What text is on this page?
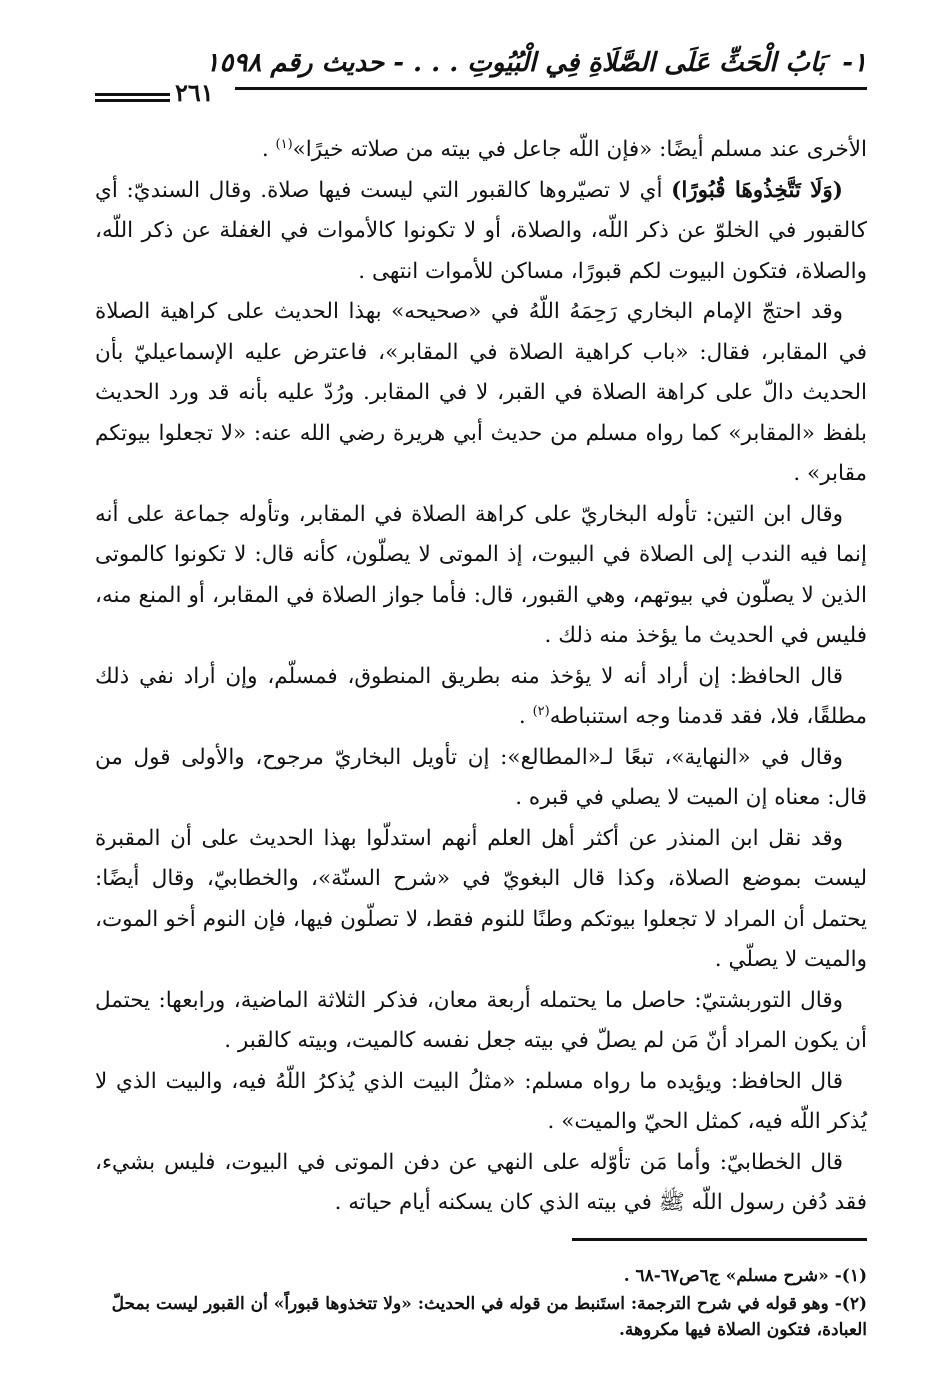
١- بَابُ الْحَثِّ عَلَى الصَّلَاةِ فِي الْبُيُوتِ . . . - حديث رقم ١٥٩٨
٢٦١

الأخرى عند مسلم أيضًا: «فإن اللّه جاعل في بيته من صلاته خيرًا»$^{(١)}$ .

(وَلَا تَتَّخِذُوهَا قُبُورًا) أي لا تصيّروها كالقبور التي ليست فيها صلاة. وقال السنديّ: أي كالقبور في الخلوّ عن ذكر اللّه، والصلاة، أو لا تكونوا كالأموات في الغفلة عن ذكر اللّه، والصلاة، فتكون البيوت لكم قبورًا، مساكن للأموات انتهى .

وقد احتجّ الإمام البخاري رَحِمَهُ اللّهُ في «صحيحه» بهذا الحديث على كراهية الصلاة في المقابر، فقال: «باب كراهية الصلاة في المقابر»، فاعترض عليه الإسماعيليّ بأن الحديث دالّ على كراهة الصلاة في القبر، لا في المقابر. ورُدّ عليه بأنه قد ورد الحديث بلفظ «المقابر» كما رواه مسلم من حديث أبي هريرة رضي الله عنه: «لا تجعلوا بيوتكم مقابر» .

وقال ابن التين: تأوله البخاريّ على كراهة الصلاة في المقابر، وتأوله جماعة على أنه إنما فيه الندب إلى الصلاة في البيوت، إذ الموتى لا يصلّون، كأنه قال: لا تكونوا كالموتى الذين لا يصلّون في بيوتهم، وهي القبور، قال: فأما جواز الصلاة في المقابر، أو المنع منه، فليس في الحديث ما يؤخذ منه ذلك .

قال الحافظ: إن أراد أنه لا يؤخذ منه بطريق المنطوق، فمسلّم، وإن أراد نفي ذلك مطلقًا، فلا، فقد قدمنا وجه استنباطه$^{(٢)}$ .

وقال في «النهاية»، تبعًا لـ«المطالع»: إن تأويل البخاريّ مرجوح، والأولى قول من قال: معناه إن الميت لا يصلي في قبره .

وقد نقل ابن المنذر عن أكثر أهل العلم أنهم استدلّوا بهذا الحديث على أن المقبرة ليست بموضع الصلاة، وكذا قال البغويّ في «شرح السنّة»، والخطابيّ، وقال أيضًا: يحتمل أن المراد لا تجعلوا بيوتكم وطنًا للنوم فقط، لا تصلّون فيها، فإن النوم أخو الموت، والميت لا يصلّي .

وقال التوربشتيّ: حاصل ما يحتمله أربعة معان، فذكر الثلاثة الماضية، ورابعها: يحتمل أن يكون المراد أنّ مَن لم يصلّ في بيته جعل نفسه كالميت، وبيته كالقبر .

قال الحافظ: ويؤيده ما رواه مسلم: «مثلُ البيت الذي يُذكرُ اللّهُ فيه، والبيت الذي لا يُذكر اللّه فيه، كمثل الحيّ والميت» .

قال الخطابيّ: وأما مَن تأوّله على النهي عن دفن الموتى في البيوت، فليس بشيء، فقد دُفن رسول اللّه ﷺ في بيته الذي كان يسكنه أيام حياته .

(١)-«شرح مسلم» ج٦ص٦٧-٦٨ .

(٢)-وهو قوله في شرح الترجمة: استَنبط من قوله في الحديث: «ولا تتخذوها قبوراً» أن القبور ليست بمحلّ العبادة، فتكون الصلاة فيها مكروهة.
